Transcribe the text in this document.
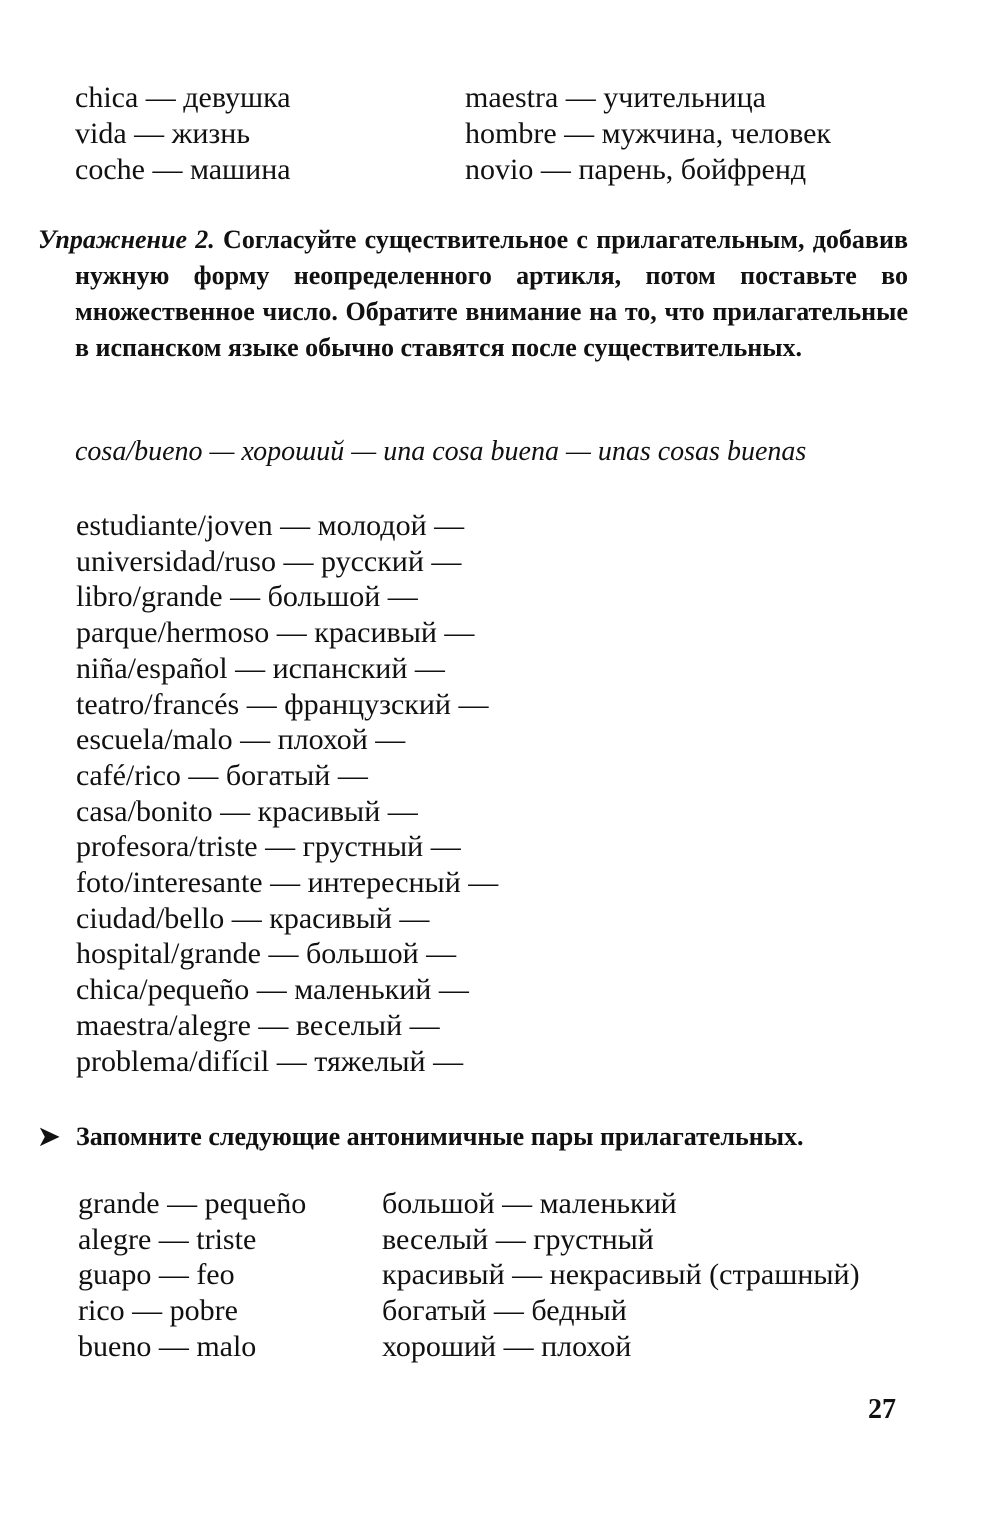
chica — девушка
vida — жизнь
coche — машина
maestra — учительница
hombre — мужчина, человек
novio — парень, бойфренд
Упражнение 2. Согласуйте существительное с прилагательным, добавив нужную форму неопределенного артикля, потом поставьте во множественное число. Обратите внимание на то, что прилагательные в испанском языке обычно ставятся после существительных.
cosa/bueno — хороший — una cosa buena — unas cosas buenas
estudiante/joven — молодой —
universidad/ruso — русский —
libro/grande — большой —
parque/hermoso — красивый —
niña/español — испанский —
teatro/francés — французский —
escuela/malo — плохой —
café/rico — богатый —
casa/bonito — красивый —
profesora/triste — грустный —
foto/interesante — интересный —
ciudad/bello — красивый —
hospital/grande — большой —
chica/pequeño — маленький —
maestra/alegre — веселый —
problema/difícil — тяжелый —
➤ Запомните следующие антонимичные пары прилагательных.
grande — pequeño
alegre — triste
guapo — feo
rico — pobre
bueno — malo
большой — маленький
веселый — грустный
красивый — некрасивый (страшный)
богатый — бедный
хороший — плохой
27
